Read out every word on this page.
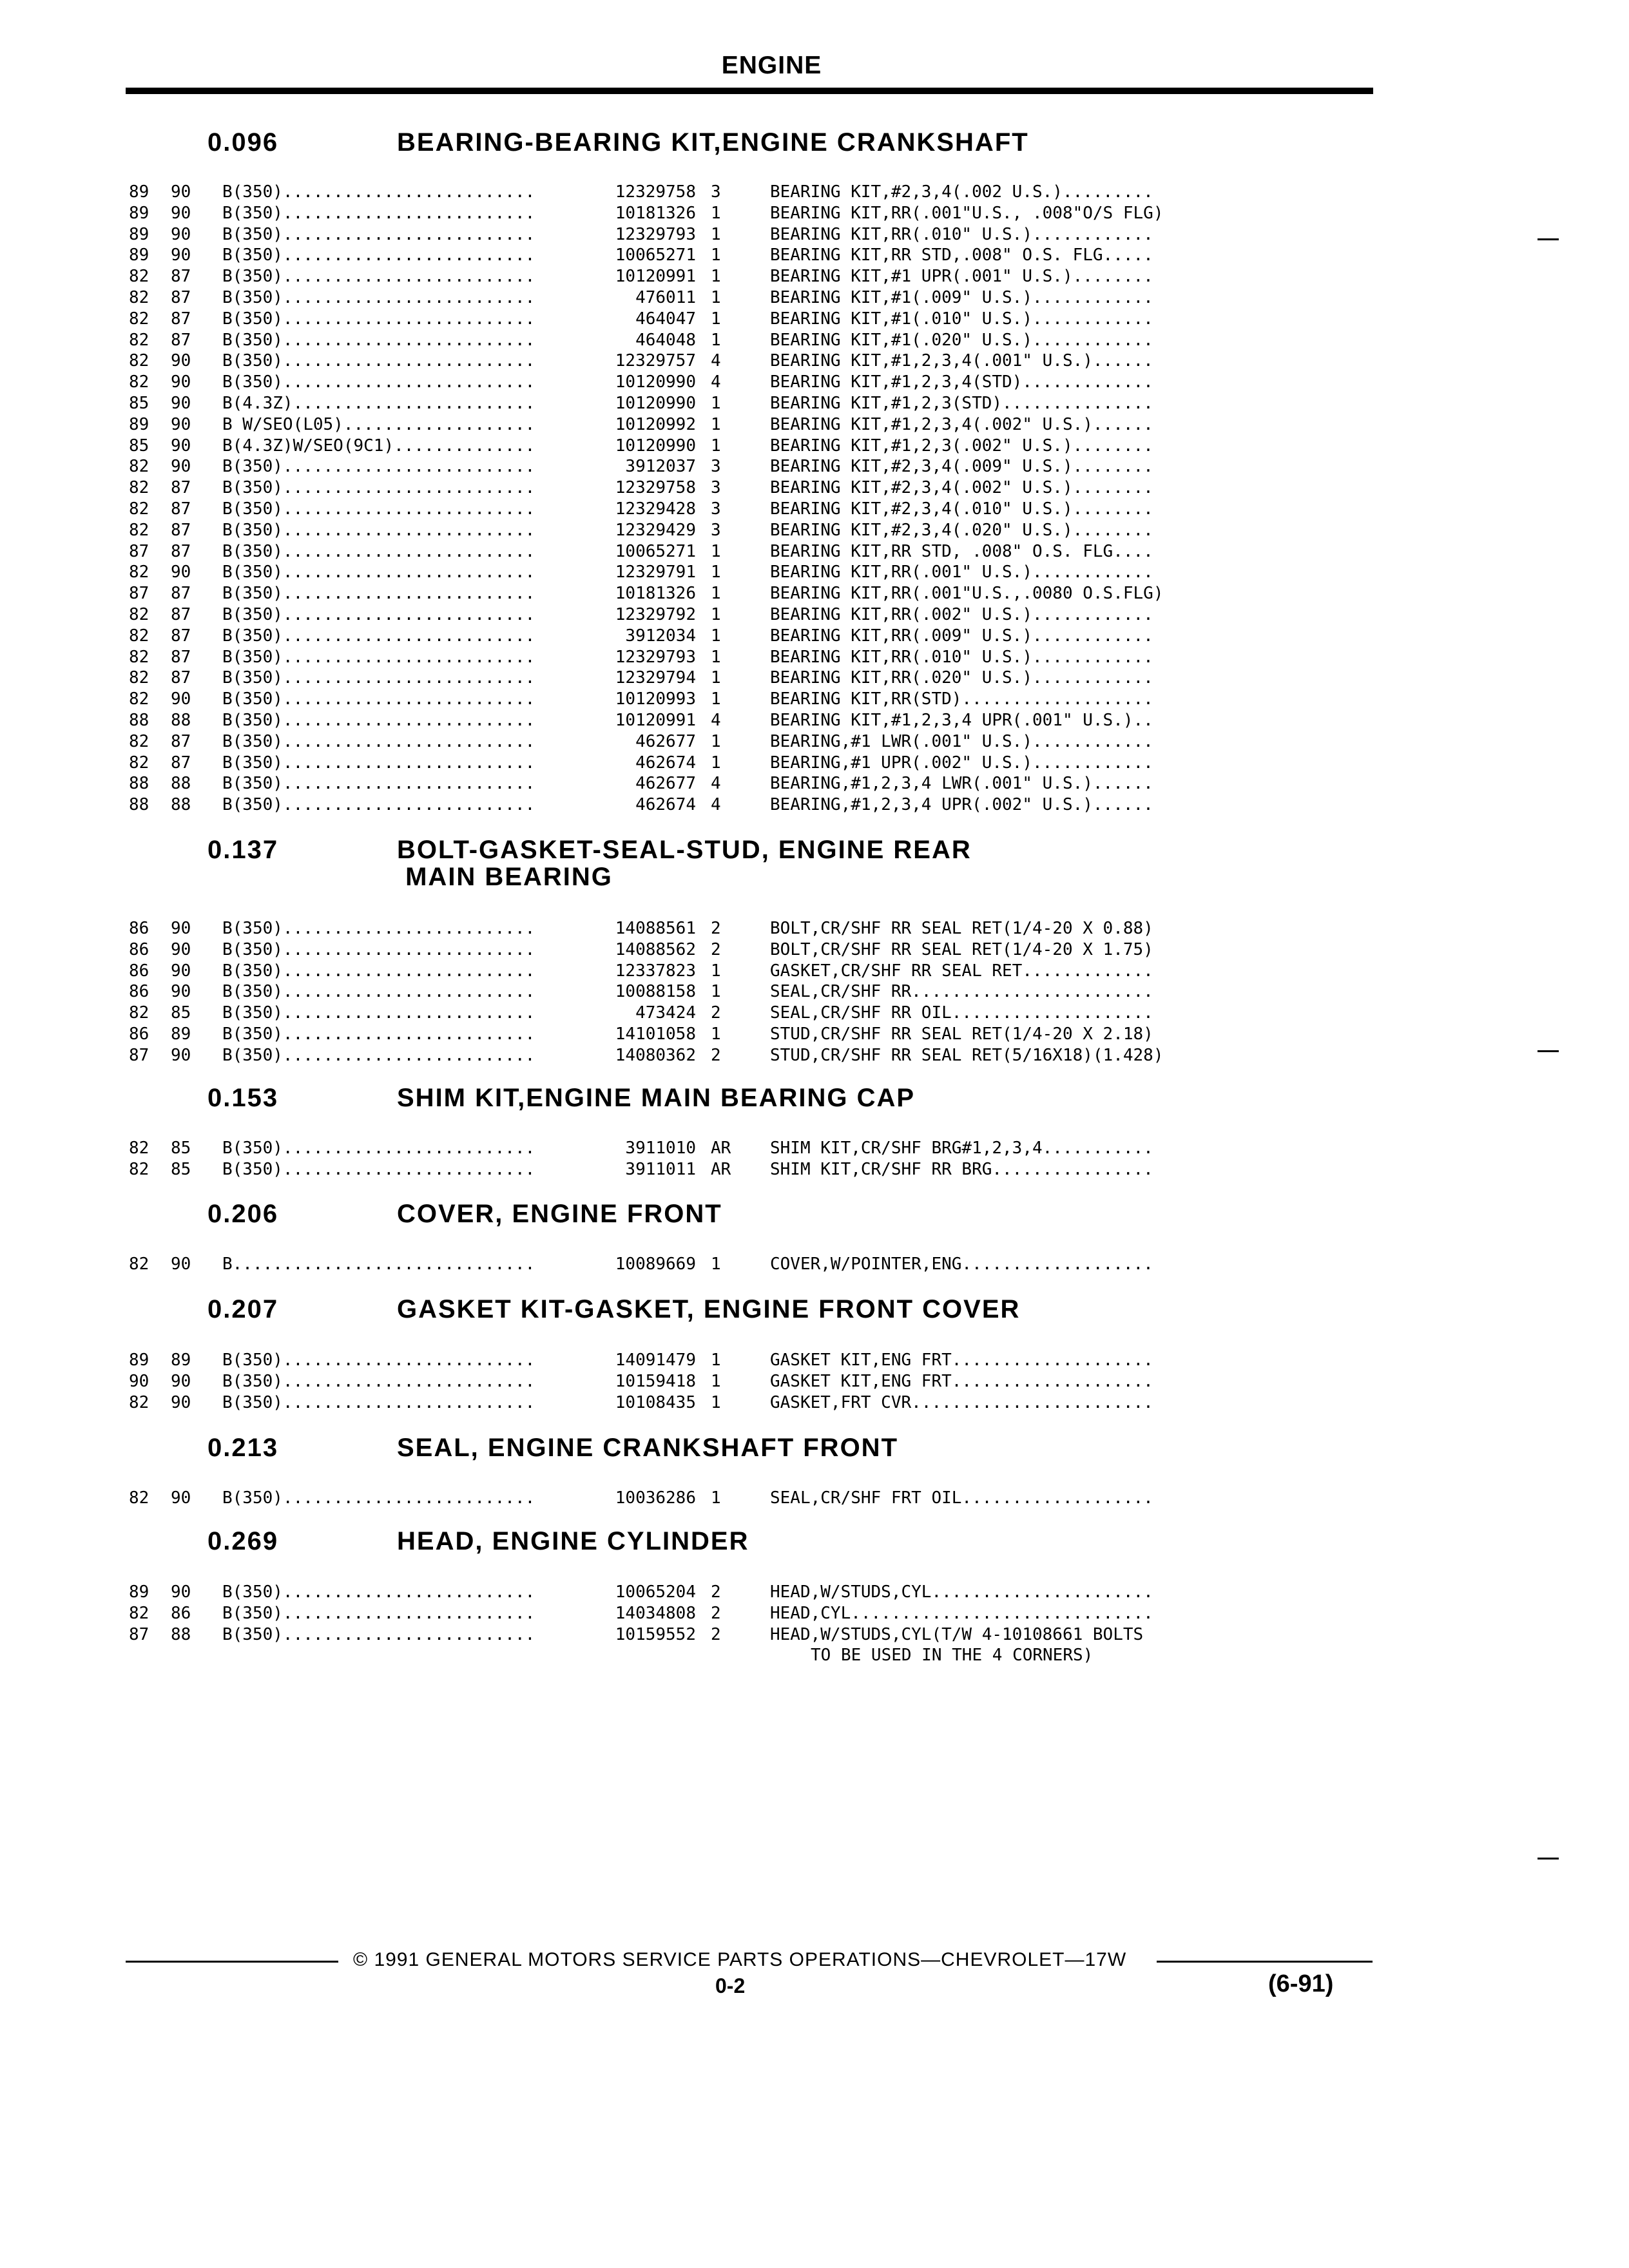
ENGINE
0.096	BEARING-BEARING KIT,ENGINE CRANKSHAFT
89 90 B(350).........................	12329758 3	BEARING KIT,#2,3,4(.002 U.S.).........
89 90 B(350).........................	10181326 1	BEARING KIT,RR(.001"U.S., .008"O/S FLG)
89 90 B(350).........................	12329793 1	BEARING KIT,RR(.010" U.S.)............
89 90 B(350).........................	10065271 1	BEARING KIT,RR STD,.008" O.S. FLG.....
82 87 B(350).........................	10120991 1	BEARING KIT,#1 UPR(.001" U.S.)........
82 87 B(350).........................	476011 1	BEARING KIT,#1(.009" U.S.)............
82 87 B(350).........................	464047 1	BEARING KIT,#1(.010" U.S.)............
82 87 B(350).........................	464048 1	BEARING KIT,#1(.020" U.S.)............
82 90 B(350).........................	12329757 4	BEARING KIT,#1,2,3,4(.001" U.S.)......
82 90 B(350).........................	10120990 4	BEARING KIT,#1,2,3,4(STD).............
85 90 B(4.3Z)........................	10120990 1	BEARING KIT,#1,2,3(STD)...............
89 90 B W/SEO(L05)...................	10120992 1	BEARING KIT,#1,2,3,4(.002" U.S.)......
85 90 B(4.3Z)W/SEO(9C1)..............	10120990 1	BEARING KIT,#1,2,3(.002" U.S.)........
82 90 B(350).........................	3912037 3	BEARING KIT,#2,3,4(.009" U.S.)........
82 87 B(350).........................	12329758 3	BEARING KIT,#2,3,4(.002" U.S.)........
82 87 B(350).........................	12329428 3	BEARING KIT,#2,3,4(.010" U.S.)........
82 87 B(350).........................	12329429 3	BEARING KIT,#2,3,4(.020" U.S.)........
87 87 B(350).........................	10065271 1	BEARING KIT,RR STD, .008" O.S. FLG....
82 90 B(350).........................	12329791 1	BEARING KIT,RR(.001" U.S.)............
87 87 B(350).........................	10181326 1	BEARING KIT,RR(.001"U.S.,.0080 O.S.FLG)
82 87 B(350).........................	12329792 1	BEARING KIT,RR(.002" U.S.)............
82 87 B(350).........................	3912034 1	BEARING KIT,RR(.009" U.S.)............
82 87 B(350).........................	12329793 1	BEARING KIT,RR(.010" U.S.)............
82 87 B(350).........................	12329794 1	BEARING KIT,RR(.020" U.S.)............
82 90 B(350).........................	10120993 1	BEARING KIT,RR(STD)...................
88 88 B(350).........................	10120991 4	BEARING KIT,#1,2,3,4 UPR(.001" U.S.)..
82 87 B(350).........................	462677 1	BEARING,#1 LWR(.001" U.S.)............
82 87 B(350).........................	462674 1	BEARING,#1 UPR(.002" U.S.)............
88 88 B(350).........................	462677 4	BEARING,#1,2,3,4 LWR(.001" U.S.)......
88 88 B(350).........................	462674 4	BEARING,#1,2,3,4 UPR(.002" U.S.)......
0.137	BOLT-GASKET-SEAL-STUD, ENGINE REAR
MAIN BEARING
86 90 B(350).........................	14088561 2	BOLT,CR/SHF RR SEAL RET(1/4-20 X 0.88)
86 90 B(350).........................	14088562 2	BOLT,CR/SHF RR SEAL RET(1/4-20 X 1.75)
86 90 B(350).........................	12337823 1	GASKET,CR/SHF RR SEAL RET.............
86 90 B(350).........................	10088158 1	SEAL,CR/SHF RR........................
82 85 B(350).........................	473424 2	SEAL,CR/SHF RR OIL....................
86 89 B(350).........................	14101058 1	STUD,CR/SHF RR SEAL RET(1/4-20 X 2.18)
87 90 B(350).........................	14080362 2	STUD,CR/SHF RR SEAL RET(5/16X18)(1.428)
0.153	SHIM KIT,ENGINE MAIN BEARING CAP
82 85 B(350).........................	3911010 AR SHIM KIT,CR/SHF BRG#1,2,3,4...........
82 85 B(350).........................	3911011 AR SHIM KIT,CR/SHF RR BRG................
0.206	COVER, ENGINE FRONT
82 90 B..............................	10089669 1	COVER,W/POINTER,ENG...................
0.207	GASKET KIT-GASKET, ENGINE FRONT COVER
89 89 B(350).........................	14091479 1	GASKET KIT,ENG FRT....................
90 90 B(350).........................	10159418 1	GASKET KIT,ENG FRT....................
82 90 B(350).........................	10108435 1	GASKET,FRT CVR........................
0.213	SEAL, ENGINE CRANKSHAFT FRONT
82 90 B(350).........................	10036286 1	SEAL,CR/SHF FRT OIL...................
0.269	HEAD, ENGINE CYLINDER
89 90 B(350).........................	10065204 2	HEAD,W/STUDS,CYL......................
82 86 B(350).........................	14034808 2	HEAD,CYL..............................
87 88 B(350).........................	10159552 2	HEAD,W/STUDS,CYL(T/W 4-10108661 BOLTS
TO BE USED IN THE 4 CORNERS)
© 1991 GENERAL MOTORS SERVICE PARTS OPERATIONS—CHEVROLET—17W
0-2	(6-91)
